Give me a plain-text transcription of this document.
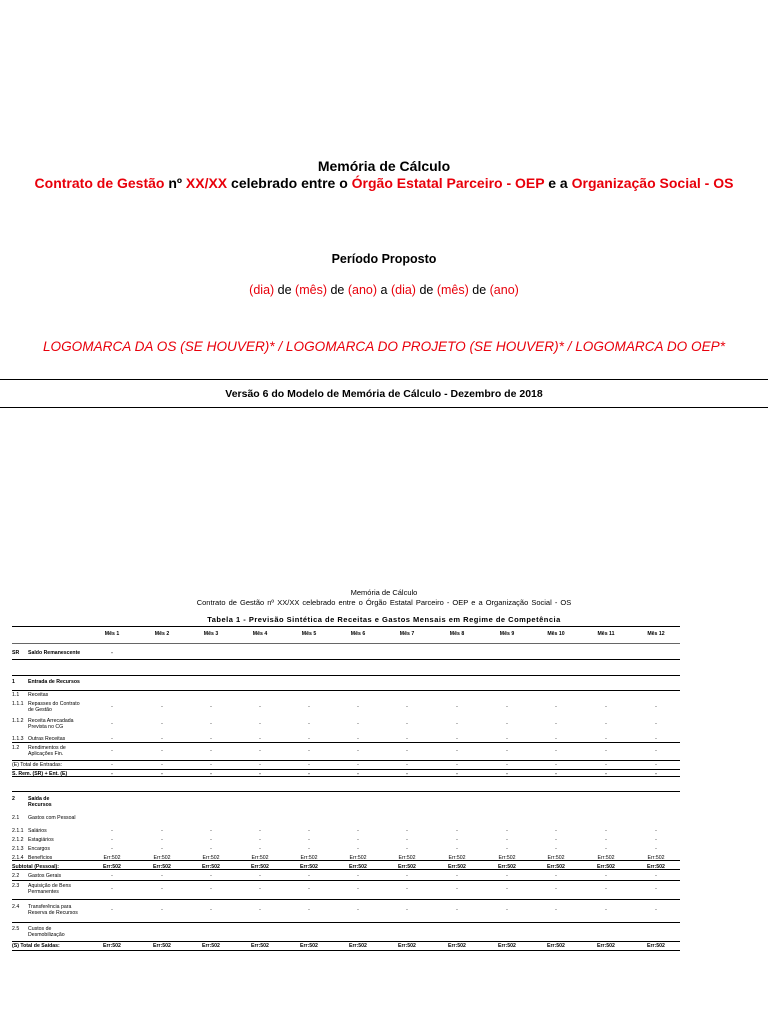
Memória de Cálculo
Contrato de Gestão nº XX/XX celebrado entre o Órgão Estatal Parceiro - OEP e a Organização Social - OS
Período Proposto
(dia) de (mês) de (ano) a (dia) de (mês) de (ano)
LOGOMARCA DA OS (SE HOUVER)* / LOGOMARCA DO PROJETO (SE HOUVER)* / LOGOMARCA DO OEP*
Versão 6 do Modelo de Memória de Cálculo - Dezembro de 2018
Memória de Cálculo
Contrato de Gestão nº XX/XX celebrado entre o Órgão Estatal Parceiro - OEP e a Organização Social - OS
Tabela 1 - Previsão Sintética de Receitas e Gastos Mensais em Regime de Competência
Mês 1	Mês 2	Mês 3	Mês 4	Mês 5	Mês 6	Mês 7	Mês 8	Mês 9	Mês 10	Mês 11	Mês 12
SR Saldo Remanescente	-
1	Entrada de Recursos
1.1 Receitas
1.1.1 Repasses do Contrato
de Gestão	-	-	-	-	-	-	-	-	-	-	-	-
1.1.2 Receita Arrecadada
Prevista no CG	-	-	-	-	-	-	-	-	-	-	-	-
1.1.3 Outras Receitas	-	-	-	-	-	-	-	-	-	-	-	-
1.2 Rendimentos de
Aplicações Fin.	-	-	-	-	-	-	-	-	-	-	-	-
(E) Total de Entradas:	-	-	-	-	-	-	-	-	-	-	-	-
S. Rem. (SR) + Ent. (E)	-	-	-	-	-	-	-	-	-	-	-	-
2	Saída de
Recursos
2.1 Gastos com Pessoal
2.1.1 Salários	-	-	-	-	-	-	-	-	-	-	-	-
2.1.2 Estagiários	-	-	-	-	-	-	-	-	-	-	-	-
2.1.3 Encargos	-	-	-	-	-	-	-	-	-	-	-	-
2.1.4 Benefícios	Err:502	Err:502	Err:502	Err:502	Err:502	Err:502	Err:502	Err:502	Err:502	Err:502	Err:502	Err:502
Subtotal (Pessoal):	Err:502	Err:502	Err:502	Err:502	Err:502	Err:502	Err:502	Err:502	Err:502	Err:502	Err:502	Err:502
2.2 Gastos Gerais	-	-	-	-	-	-	-	-	-	-	-	-
2.3 Aquisição de Bens
Permanentes	-	-	-	-	-	-	-	-	-	-	-	-
2.4 Transferência para
Reserva de Recursos	-	-	-	-	-	-	-	-	-	-	-	-
2.5 Custos de
Desmobilização
(S) Total de Saídas:	Err:502	Err:502	Err:502	Err:502	Err:502	Err:502	Err:502	Err:502	Err:502	Err:502	Err:502	Err:502
